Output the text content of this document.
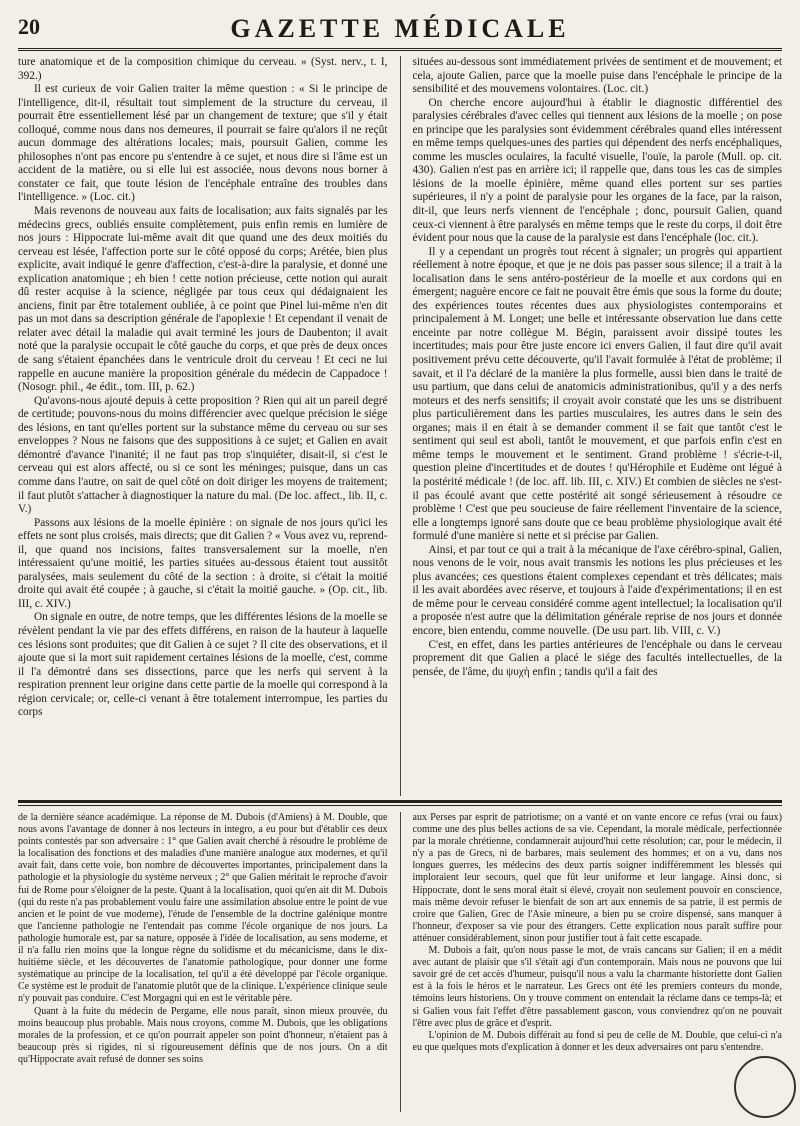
20	GAZETTE MÉDICALE

ture anatomique et de la composition chimique du cerveau. » (Syst. nerv., t. I, 392.)

Il est curieux de voir Galien traiter la même question : « Si le principe de l'intelligence, dit-il, résultait tout simplement de la structure du cerveau, il pourrait être essentiellement lésé par un changement de texture; que s'il y était colloqué, comme nous dans nos demeures, il pourrait se faire qu'alors il ne reçût aucun dommage des altérations locales; mais, poursuit Galien, comme les philosophes n'ont pas encore pu s'entendre à ce sujet, et nous dire si l'âme est un accident de la matière, ou si elle lui est associée, nous devons nous borner à constater ce fait, que toute lésion de l'encéphale entraîne des troubles dans l'intelligence. » (Loc. cit.)

Mais revenons de nouveau aux faits de localisation; aux faits signalés par les médecins grecs, oubliés ensuite complètement, puis enfin remis en lumière de nos jours : Hippocrate lui-même avait dit que quand une des deux moitiés du cerveau est lésée, l'affection porte sur le côté opposé du corps; Arétée, bien plus explicite, avait indiqué le genre d'affection, c'est-à-dire la paralysie, et donné une explication anatomique ; eh bien ! cette notion précieuse, cette notion qui aurait dû rester acquise à la science, négligée par tous ceux qui dédaignaient les anciens, finit par être totalement oubliée, à ce point que Pinel lui-même n'en dit pas un mot dans sa description générale de l'apoplexie ! Et cependant il venait de relater avec détail la maladie qui avait terminé les jours de Daubenton; il avait noté que la paralysie occupait le côté gauche du corps, et que près de deux onces de sang s'étaient épanchées dans le ventricule droit du cerveau ! Et ceci ne lui rappelle en aucune manière la proposition générale du médecin de Cappadoce ! (Nosogr. phil., 4e édit., tom. III, p. 62.)

Qu'avons-nous ajouté depuis à cette proposition ? Rien qui ait un pareil degré de certitude; pouvons-nous du moins différencier avec quelque précision le siége des lésions, en tant qu'elles portent sur la substance même du cerveau ou sur ses enveloppes ? Nous ne faisons que des suppositions à ce sujet; et Galien en avait démontré d'avance l'inanité; il ne faut pas trop s'inquiéter, disait-il, si c'est le cerveau qui est alors affecté, ou si ce sont les méninges; puisque, dans un cas comme dans l'autre, on sait de quel côté on doit diriger les moyens de traitement; il faut plutôt s'attacher à diagnostiquer la nature du mal. (De loc. affect., lib. II, c. V.)

Passons aux lésions de la moelle épinière : on signale de nos jours qu'ici les effets ne sont plus croisés, mais directs; que dit Galien ? « Vous avez vu, reprend-il, que quand nos incisions, faites transversalement sur la moelle, n'en intéressaient qu'une moitié, les parties situées au-dessous étaient tout aussitôt paralysées, mais seulement du côté de la section : à droite, si c'était la moitié droite qui avait été coupée ; à gauche, si c'était la moitié gauche. » (Op. cit., lib. III, c. XIV.)

On signale en outre, de notre temps, que les différentes lésions de la moelle se révèlent pendant la vie par des effets différens, en raison de la hauteur à laquelle ces lésions sont produites; que dit Galien à ce sujet ? Il cite des observations, et il ajoute que si la mort suit rapidement certaines lésions de la moelle, c'est, comme il l'a démontré dans ses dissections, parce que les nerfs qui servent à la respiration prennent leur origine dans cette partie de la moelle qui correspond à la région cervicale; or, celle-ci venant à être totalement interrompue, les parties du corps

situées au-dessous sont immédiatement privées de sentiment et de mouvement; et cela, ajoute Galien, parce que la moelle puise dans l'encéphale le principe de la sensibilité et des mouvemens volontaires. (Loc. cit.)

On cherche encore aujourd'hui à établir le diagnostic différentiel des paralysies cérébrales d'avec celles qui tiennent aux lésions de la moelle ; on pose en principe que les paralysies sont évidemment cérébrales quand elles intéressent en même temps quelques-unes des parties qui dépendent des nerfs encéphaliques, comme les muscles oculaires, la faculté visuelle, l'ouïe, la parole (Mull. op. cit. 430). Galien n'est pas en arrière ici; il rappelle que, dans tous les cas de simples lésions de la moelle épinière, même quand elles portent sur ses parties supérieures, il n'y a point de paralysie pour les organes de la face, par la raison, dit-il, que leurs nerfs viennent de l'encéphale ; donc, poursuit Galien, quand ceux-ci viennent à être paralysés en même temps que le reste du corps, il doit être évident pour nous que la cause de la paralysie est dans l'encéphale (loc. cit.).

Il y a cependant un progrès tout récent à signaler; un progrès qui appartient réellement à notre époque, et que je ne dois pas passer sous silence; il a trait à la localisation dans le sens antéro-postérieur de la moelle et aux cordons qui en émergent; naguère encore ce fait ne pouvait être émis que sous la forme du doute; des expériences toutes récentes dues aux physiologistes contemporains et principalement à M. Longet; une belle et intéressante observation lue dans cette enceinte par notre collègue M. Bégin, paraissent avoir dissipé toutes les incertitudes; mais pour être juste encore ici envers Galien, il faut dire qu'il avait positivement prévu cette découverte, qu'il l'avait formulée à l'état de problème; il savait, et il l'a déclaré de la manière la plus formelle, aussi bien dans le traité de usu partium, que dans celui de anatomicis administrationibus, qu'il y a des nerfs moteurs et des nerfs sensitifs; il croyait avoir constaté que les uns se distribuent plus particulièrement dans les parties musculaires, les autres dans le sein des organes; mais il en était à se demander comment il se fait que tantôt c'est le sentiment qui seul est aboli, tantôt le mouvement, et que parfois enfin c'est en même temps le mouvement et le sentiment. Grand problème ! s'écrie-t-il, question pleine d'incertitudes et de doutes ! qu'Hérophile et Eudème ont légué à la postérité médicale ! (de loc. aff. lib. III, c. XIV.) Et combien de siècles ne s'est-il pas écoulé avant que cette postérité ait songé sérieusement à résoudre ce problème ! C'est que peu soucieuse de faire réellement l'inventaire de la science, elle a longtemps ignoré sans doute que ce beau problème physiologique avait été formulé d'une manière si nette et si précise par Galien.

Ainsi, et par tout ce qui a trait à la mécanique de l'axe cérébro-spinal, Galien, nous venons de le voir, nous avait transmis les notions les plus précieuses et les plus avancées; ces questions étaient complexes cependant et très délicates; mais il les avait abordées avec réserve, et toujours à l'aide d'expérimentations; il en est de même pour le cerveau considéré comme agent intellectuel; la localisation qu'il a proposée n'est autre que la délimitation générale reprise de nos jours et donnée encore, bien entendu, comme nouvelle. (De usu part. lib. VIII, c. V.)

C'est, en effet, dans les parties antérieures de l'encéphale ou dans le cerveau proprement dit que Galien a placé le siége des facultés intellectuelles, de la pensée, de l'âme, du ψυχὴ enfin ; tandis qu'il a fait des

de la dernière séance académique. La réponse de M. Dubois (d'Amiens) à M. Double, que nous avons l'avantage de donner à nos lecteurs in integro, a eu pour but d'établir ces deux points contestés par son adversaire : 1° que Galien avait cherché à résoudre le problème de la localisation des fonctions et des maladies d'une manière analogue aux modernes, et qu'il avait fait, dans cette voie, bon nombre de découvertes importantes, principalement dans la pathologie et la physiologie du système nerveux ; 2° que Galien méritait le reproche d'avoir fui de Rome pour s'éloigner de la peste. Quant à la localisation, quoi qu'en ait dit M. Dubois (qui du reste n'a pas probablement voulu faire une assimilation absolue entre le point de vue ancien et le point de vue moderne), l'étude de l'ensemble de la doctrine galénique montre que l'ancienne pathologie ne l'entendait pas comme l'école organique de nos jours. La pathologie humorale est, par sa nature, opposée à l'idée de localisation, au sens moderne, et il n'a fallu rien moins que la longue règne du solidisme et du mécanicisme, dans le dix-huitième siècle, et les découvertes de l'anatomie pathologique, pour donner une forme systématique au principe de la localisation, tel qu'il a été développé par l'école organique. Ce système est le produit de l'anatomie plutôt que de la clinique. L'expérience clinique seule n'y pouvait pas conduire. C'est Morgagni qui en est le véritable père.

Quant à la fuite du médecin de Pergame, elle nous paraît, sinon mieux prouvée, du moins beaucoup plus probable. Mais nous croyons, comme M. Dubois, que les obligations morales de la profession, et ce qu'on pourrait appeler son point d'honneur, n'étaient pas à beaucoup près si rigides, ni si rigoureusement définis que de nos jours. On a dit qu'Hippocrate avait refusé de donner ses soins

aux Perses par esprit de patriotisme; on a vanté et on vante encore ce refus (vrai ou faux) comme une des plus belles actions de sa vie. Cependant, la morale médicale, perfectionnée par la morale chrétienne, condamnerait aujourd'hui cette résolution; car, pour le médecin, il n'y a pas de Grecs, ni de barbares, mais seulement des hommes; et on a vu, dans nos longues guerres, les médecins des deux partis soigner indifféremment les blessés qui imploraient leur secours, quel que fût leur uniforme et leur langage. Ainsi donc, si Hippocrate, dont le sens moral était si élevé, croyait non seulement pouvoir en conscience, mais même devoir refuser le bienfait de son art aux ennemis de sa patrie, il est permis de croire que Galien, Grec de l'Asie mineure, a bien pu se croire dispensé, sans manquer à l'honneur, d'exposer sa vie pour des étrangers. Cette explication nous paraît suffire pour atténuer considérablement, sinon pour justifier tout à fait cette escapade.

M. Dubois a fait, qu'on nous passe le mot, de vrais cancans sur Galien; il en a médit avec autant de plaisir que s'il s'était agi d'un contemporain. Mais nous ne pouvons que lui savoir gré de cet accès d'humeur, puisqu'il nous a valu la charmante historiette dont Galien est à la fois le héros et le narrateur. Les Grecs ont été les premiers conteurs du monde, témoins leurs historiens. On y trouve comment on entendait la réclame dans ce temps-là; et si Galien vous fait l'effet d'être passablement gascon, vous conviendrez qu'on ne pouvait l'être avec plus de grâce et d'esprit.

L'opinion de M. Dubois différait au fond si peu de celle de M. Double, que celui-ci n'a eu que quelques mots d'explication à donner et les deux adversaires ont paru s'entendre.
